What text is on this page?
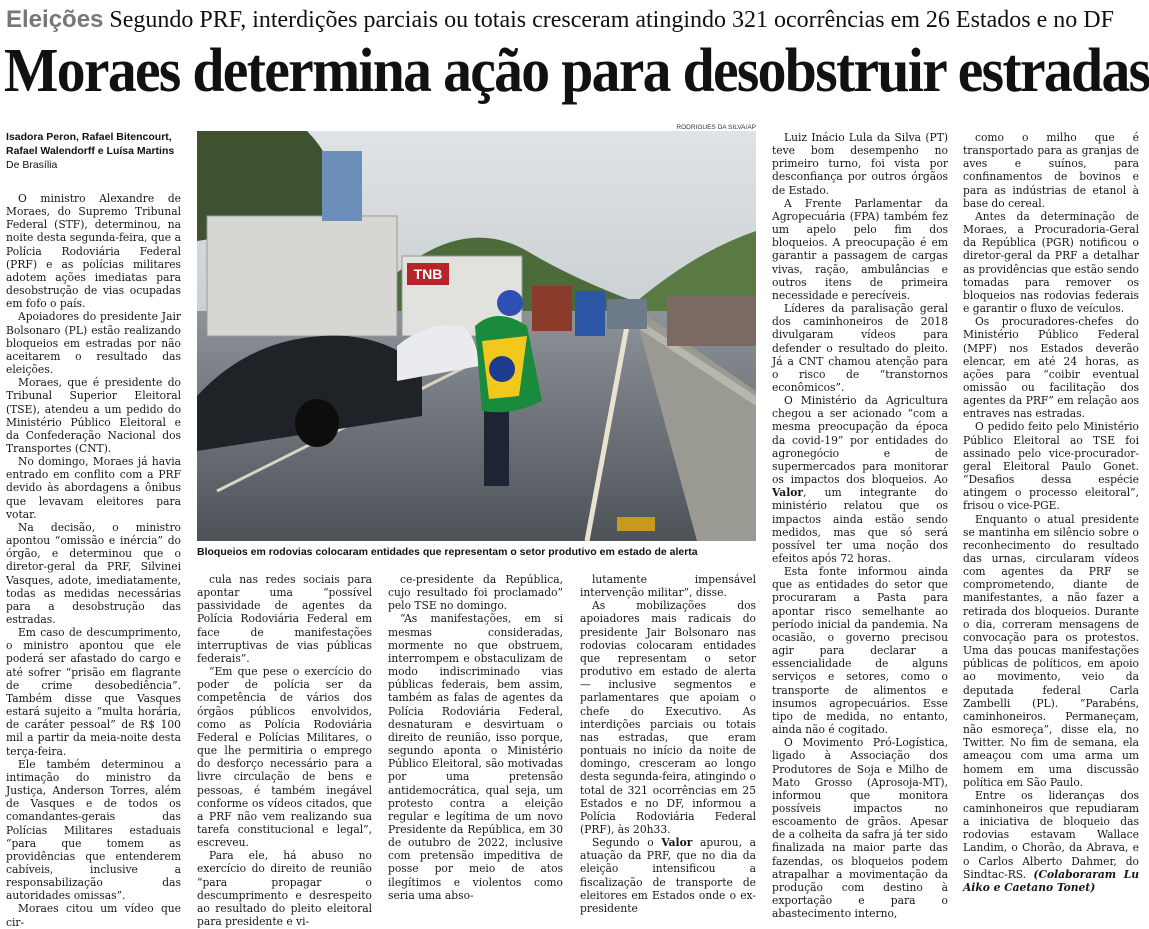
Eleições Segundo PRF, interdições parciais ou totais cresceram atingindo 321 ocorrências em 26 Estados e no DF
Moraes determina ação para desobstruir estradas
Isadora Peron, Rafael Bitencourt, Rafael Walendorff e Luísa Martins
De Brasília
RODRIGUES DA SILVA/AP
TNB
Bloqueios em rodovias colocaram entidades que representam o setor produtivo em estado de alerta

O ministro Alexandre de Moraes, do Supremo Tribunal Federal (STF), determinou, na noite desta segunda-feira, que a Polícia Rodoviária Federal (PRF) e as polícias militares adotem ações imediatas para desobstrução de vias ocupadas em fofo o país.

Apoiadores do presidente Jair Bolsonaro (PL) estão realizando bloqueios em estradas por não aceitarem o resultado das eleições.

Moraes, que é presidente do Tribunal Superior Eleitoral (TSE), atendeu a um pedido do Ministério Público Eleitoral e da Confederação Nacional dos Transportes (CNT).

No domingo, Moraes já havia entrado em conflito com a PRF devido às abordagens a ônibus que levavam eleitores para votar.

Na decisão, o ministro apontou “omissão e inércia” do órgão, e determinou que o diretor-geral da PRF, Silvinei Vasques, adote, imediatamente, todas as medidas necessárias para a desobstrução das estradas.

Em caso de descumprimento, o ministro apontou que ele poderá ser afastado do cargo e até sofrer “prisão em flagrante de crime desobediência”. Também disse que Vasques estará sujeito a “multa horária, de caráter pessoal” de R$ 100 mil a partir da meia-noite desta terça-feira.

Ele também determinou a intimação do ministro da Justiça, Anderson Torres, além de Vasques e de todos os comandantes-gerais das Polícias Militares estaduais “para que tomem as providências que entenderem cabíveis, inclusive a responsabilização das autoridades omissas”.

Moraes citou um vídeo que cir-

cula nas redes sociais para apontar uma “possível passividade de agentes da Polícia Rodoviária Federal em face de manifestações interruptivas de vias públicas federais”.

“Em que pese o exercício do poder de polícia ser da competência de vários dos órgãos públicos envolvidos, como as Polícia Rodoviária Federal e Polícias Militares, o que lhe permitiria o emprego do desforço necessário para a livre circulação de bens e pessoas, é também inegável conforme os vídeos citados, que a PRF não vem realizando sua tarefa constitucional e legal”, escreveu.

Para ele, há abuso no exercício do direito de reunião “para propagar o descumprimento e desrespeito ao resultado do pleito eleitoral para presidente e vi-

ce-presidente da República, cujo resultado foi proclamado” pelo TSE no domingo.

“As manifestações, em si mesmas consideradas, mormente no que obstruem, interrompem e obstaculizam de modo indiscriminado vias públicas federais, bem assim, também as falas de agentes da Polícia Rodoviária Federal, desnaturam e desvirtuam o direito de reunião, isso porque, segundo aponta o Ministério Público Eleitoral, são motivadas por uma pretensão antidemocrática, qual seja, um protesto contra a eleição regular e legítima de um novo Presidente da República, em 30 de outubro de 2022, inclusive com pretensão impeditiva de posse por meio de atos ilegítimos e violentos como seria uma abso-

lutamente impensável intervenção militar”, disse.

As mobilizações dos apoiadores mais radicais do presidente Jair Bolsonaro nas rodovias colocaram entidades que representam o setor produtivo em estado de alerta — inclusive segmentos e parlamentares que apoiam o chefe do Executivo. As interdições parciais ou totais nas estradas, que eram pontuais no início da noite de domingo, cresceram ao longo desta segunda-feira, atingindo o total de 321 ocorrências em 25 Estados e no DF, informou a Polícia Rodoviária Federal (PRF), às 20h33.

Segundo o Valor apurou, a atuação da PRF, que no dia da eleição intensificou a fiscalização de transporte de eleitores em Estados onde o ex-presidente

Luiz Inácio Lula da Silva (PT) teve bom desempenho no primeiro turno, foi vista por desconfiança por outros órgãos de Estado.

A Frente Parlamentar da Agropecuária (FPA) também fez um apelo pelo fim dos bloqueios. A preocupação é em garantir a passagem de cargas vivas, ração, ambulâncias e outros itens de primeira necessidade e perecíveis.

Líderes da paralisação geral dos caminhoneiros de 2018 divulgaram vídeos para defender o resultado do pleito. Já a CNT chamou atenção para o risco de “transtornos econômicos”.

O Ministério da Agricultura chegou a ser acionado “com a mesma preocupação da época da covid-19” por entidades do agronegócio e de supermercados para monitorar os impactos dos bloqueios. Ao Valor, um integrante do ministério relatou que os impactos ainda estão sendo medidos, mas que só será possível ter uma noção dos efeitos após 72 horas.

Esta fonte informou ainda que as entidades do setor que procuraram a Pasta para apontar risco semelhante ao período inicial da pandemia. Na ocasião, o governo precisou agir para declarar a essencialidade de alguns serviços e setores, como o transporte de alimentos e insumos agropecuários. Esse tipo de medida, no entanto, ainda não é cogitado.

O Movimento Pró-Logística, ligado à Associação dos Produtores de Soja e Milho de Mato Grosso (Aprosoja-MT), informou que monitora possíveis impactos no escoamento de grãos. Apesar de a colheita da safra já ter sido finalizada na maior parte das fazendas, os bloqueios podem atrapalhar a movimentação da produção com destino à exportação e para o abastecimento interno,

como o milho que é transportado para as granjas de aves e suínos, para confinamentos de bovinos e para as indústrias de etanol à base do cereal.

Antes da determinação de Moraes, a Procuradoria-Geral da República (PGR) notificou o diretor-geral da PRF a detalhar as providências que estão sendo tomadas para remover os bloqueios nas rodovias federais e garantir o fluxo de veículos.

Os procuradores-chefes do Ministério Público Federal (MPF) nos Estados deverão elencar, em até 24 horas, as ações para “coibir eventual omissão ou facilitação dos agentes da PRF” em relação aos entraves nas estradas.

O pedido feito pelo Ministério Público Eleitoral ao TSE foi assinado pelo vice-procurador-geral Eleitoral Paulo Gonet. “Desafios dessa espécie atingem o processo eleitoral”, frisou o vice-PGE.

Enquanto o atual presidente se mantinha em silêncio sobre o reconhecimento do resultado das urnas, circularam vídeos com agentes da PRF se comprometendo, diante de manifestantes, a não fazer a retirada dos bloqueios. Durante o dia, correram mensagens de convocação para os protestos. Uma das poucas manifestações públicas de políticos, em apoio ao movimento, veio da deputada federal Carla Zambelli (PL). “Parabéns, caminhoneiros. Permaneçam, não esmoreça”, disse ela, no Twitter. No fim de semana, ela ameaçou com uma arma um homem em uma discussão política em São Paulo.

Entre os lideranças dos caminhoneiros que repudiaram a iniciativa de bloqueio das rodovias estavam Wallace Landim, o Chorão, da Abrava, e o Carlos Alberto Dahmer, do Sindtac-RS. (Colaboraram Lu Aiko e Caetano Tonet)
